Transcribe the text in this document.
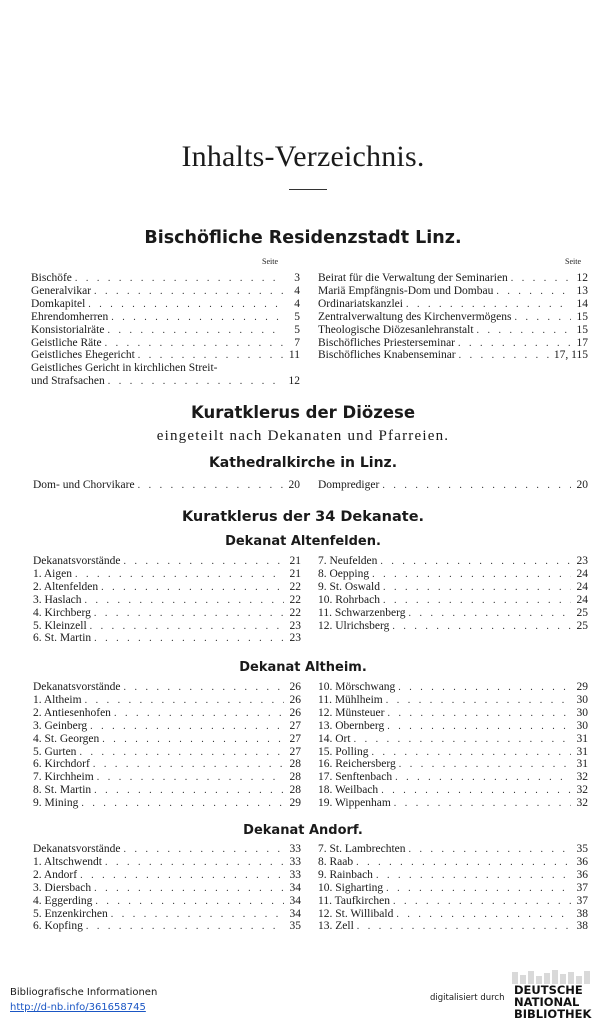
Inhalts-Verzeichnis.
Bischöfliche Residenzstadt Linz.
Seite	Seite
Bischöfe . . .	3
Generalvikar . . .	4
Domkapitel . . .	4
Ehrendomherren . . .	5
Konsistorialräte . . .	5
Geistliche Räte . . .	7
Geistliches Ehegericht . . .	11
Geistliches Gericht in kirchlichen Streit-
und Strafsachen . . .	12
Beirat für die Verwaltung der Seminarien . . .	12
Mariä Empfängnis-Dom und Dombau . . .	13
Ordinariatskanzlei . . .	14
Zentralverwaltung des Kirchenvermögens . . .	15
Theologische Diözesanlehranstalt . . .	15
Bischöfliches Priesterseminar . . .	17
Bischöfliches Knabenseminar . . .	17, 115
Kuratklerus der Diözese
eingeteilt nach Dekanaten und Pfarreien.
Kathedralkirche in Linz.
Dom- und Chorvikare . . .	20 Domprediger . . .	20
Kuratklerus der 34 Dekanate.
Dekanat Altenfelden.
Dekanatsvorstände . . .	21
1. Aigen . . .	21
2. Altenfelden . . .	22
3. Haslach . . .	22
4. Kirchberg . . .	22
5. Kleinzell . . .	23
6. St. Martin . . .	23
7. Neufelden . . .	23
8. Oepping . . .	24
9. St. Oswald . . .	24
10. Rohrbach . . .	24
11. Schwarzenberg . . .	25
12. Ulrichsberg . . .	25
Dekanat Altheim.
Dekanatsvorstände . . .	26
1. Altheim . . .	26
2. Antiesenhofen . . .	26
3. Geinberg . . .	27
4. St. Georgen . . .	27
5. Gurten . . .	27
6. Kirchdorf . . .	28
7. Kirchheim . . .	28
8. St. Martin . . .	28
9. Mining . . .	29
10. Mörschwang . . .	29
11. Mühlheim . . .	30
12. Münsteuer . . .	30
13. Obernberg . . .	30
14. Ort . . .	31
15. Polling . . .	31
16. Reichersberg . . .	31
17. Senftenbach . . .	32
18. Weilbach . . .	32
19. Wippenham . . .	32
Dekanat Andorf.
Dekanatsvorstände . . .	33
1. Altschwendt . . .	33
2. Andorf . . .	33
3. Diersbach . . .	34
4. Eggerding . . .	34
5. Enzenkirchen . . .	34
6. Kopfing . . .	35
7. St. Lambrechten . . .	35
8. Raab . . .	36
9. Rainbach . . .	36
10. Sigharting . . .	37
11. Taufkirchen . . .	37
12. St. Willibald . . .	38
13. Zell . . .	38
Bibliografische Informationen
http://d-nb.info/361658745
digitalisiert durch
DEUTSCHE
NATIONAL
BIBLIOTHEK
